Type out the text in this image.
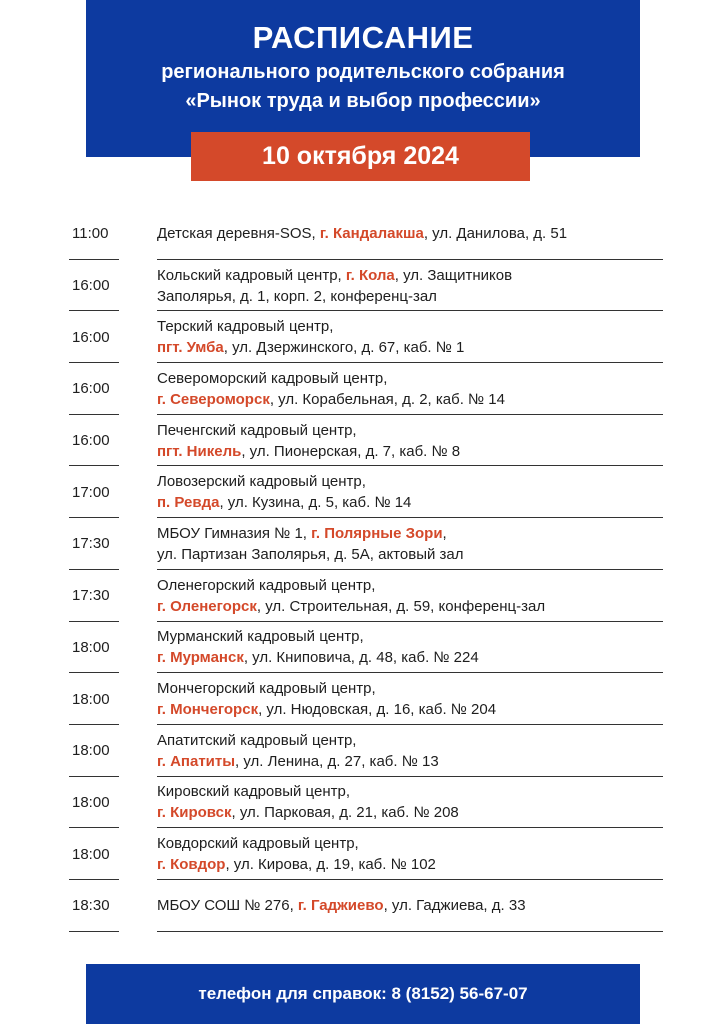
РАСПИСАНИЕ
регионального родительского собрания
«Рынок труда и выбор профессии»
10 октября 2024
11:00	Детская деревня-SOS, г. Кандалакша, ул. Данилова, д. 51
16:00
Кольский кадровый центр, г. Кола, ул. Защитников
Заполярья, д. 1, корп. 2, конференц-зал
16:00
Терский кадровый центр,
пгт. Умба, ул. Дзержинского, д. 67, каб. № 1
16:00
Североморский кадровый центр,
г. Североморск, ул. Корабельная, д. 2, каб. № 14
16:00
Печенгский кадровый центр,
пгт. Никель, ул. Пионерская, д. 7, каб. № 8
17:00
Ловозерский кадровый центр,
п. Ревда, ул. Кузина, д. 5, каб. № 14
17:30
МБОУ Гимназия № 1, г. Полярные Зори,
ул. Партизан Заполярья, д. 5А, актовый зал
17:30
Оленегорский кадровый центр,
г. Оленегорск, ул. Строительная, д. 59, конференц-зал
18:00
Мурманский кадровый центр,
г. Мурманск, ул. Книповича, д. 48, каб. № 224
18:00
Мончегорский кадровый центр,
г. Мончегорск, ул. Нюдовская, д. 16, каб. № 204
18:00
Апатитский кадровый центр,
г. Апатиты, ул. Ленина, д. 27, каб. № 13
18:00
Кировский кадровый центр,
г. Кировск, ул. Парковая, д. 21, каб. № 208
18:00
Ковдорский кадровый центр,
г. Ковдор, ул. Кирова, д. 19, каб. № 102
18:30	МБОУ СОШ № 276, г. Гаджиево, ул. Гаджиева, д. 33
телефон для справок: 8 (8152) 56-67-07
